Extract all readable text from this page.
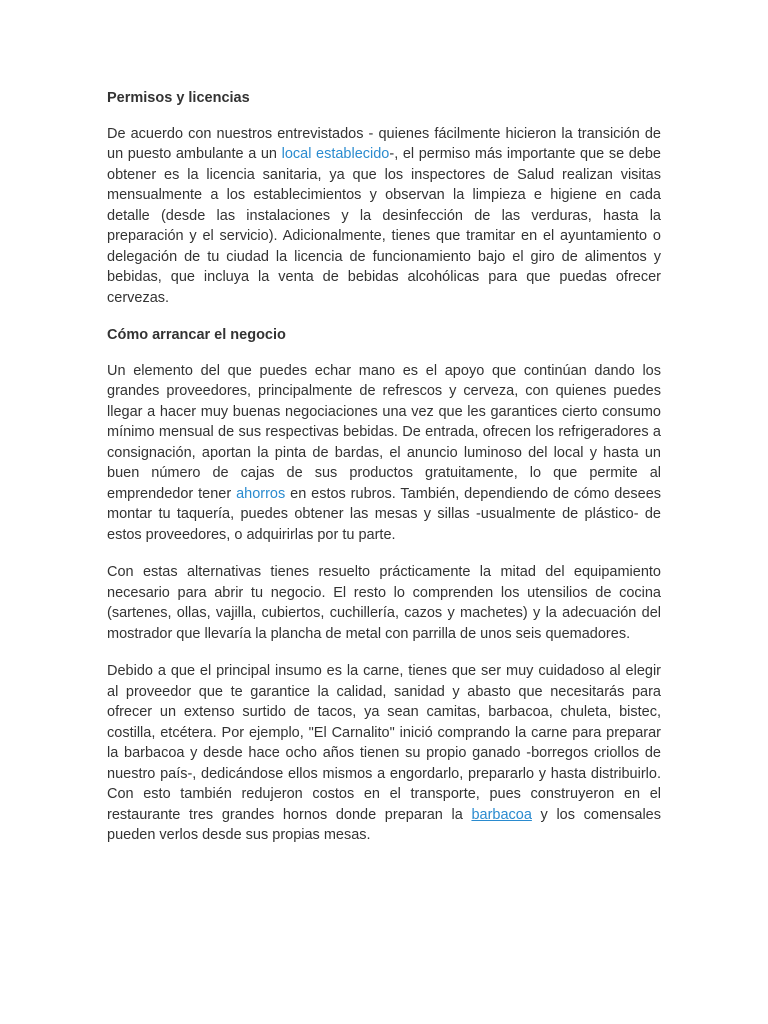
Permisos y licencias

De acuerdo con nuestros entrevistados - quienes fácilmente hicieron la transición de un puesto ambulante a un local establecido-, el permiso más importante que se debe obtener es la licencia sanitaria, ya que los inspectores de Salud realizan visitas mensualmente a los establecimientos y observan la limpieza e higiene en cada detalle (desde las instalaciones y la desinfección de las verduras, hasta la preparación y el servicio). Adicionalmente, tienes que tramitar en el ayuntamiento o delegación de tu ciudad la licencia de funcionamiento bajo el giro de alimentos y bebidas, que incluya la venta de bebidas alcohólicas para que puedas ofrecer cervezas.

Cómo arrancar el negocio

Un elemento del que puedes echar mano es el apoyo que continúan dando los grandes proveedores, principalmente de refrescos y cerveza, con quienes puedes llegar a hacer muy buenas negociaciones una vez que les garantices cierto consumo mínimo mensual de sus respectivas bebidas. De entrada, ofrecen los refrigeradores a consignación, aportan la pinta de bardas, el anuncio luminoso del local y hasta un buen número de cajas de sus productos gratuitamente, lo que permite al emprendedor tener ahorros en estos rubros. También, dependiendo de cómo desees montar tu taquería, puedes obtener las mesas y sillas -usualmente de plástico- de estos proveedores, o adquirirlas por tu parte.

Con estas alternativas tienes resuelto prácticamente la mitad del equipamiento necesario para abrir tu negocio. El resto lo comprenden los utensilios de cocina (sartenes, ollas, vajilla, cubiertos, cuchillería, cazos y machetes) y la adecuación del mostrador que llevaría la plancha de metal con parrilla de unos seis quemadores.

Debido a que el principal insumo es la carne, tienes que ser muy cuidadoso al elegir al proveedor que te garantice la calidad, sanidad y abasto que necesitarás para ofrecer un extenso surtido de tacos, ya sean camitas, barbacoa, chuleta, bistec, costilla, etcétera. Por ejemplo, "El Carnalito" inició comprando la carne para preparar la barbacoa y desde hace ocho años tienen su propio ganado -borregos criollos de nuestro país-, dedicándose ellos mismos a engordarlo, prepararlo y hasta distribuirlo. Con esto también redujeron costos en el transporte, pues construyeron en el restaurante tres grandes hornos donde preparan la barbacoa y los comensales pueden verlos desde sus propias mesas.
